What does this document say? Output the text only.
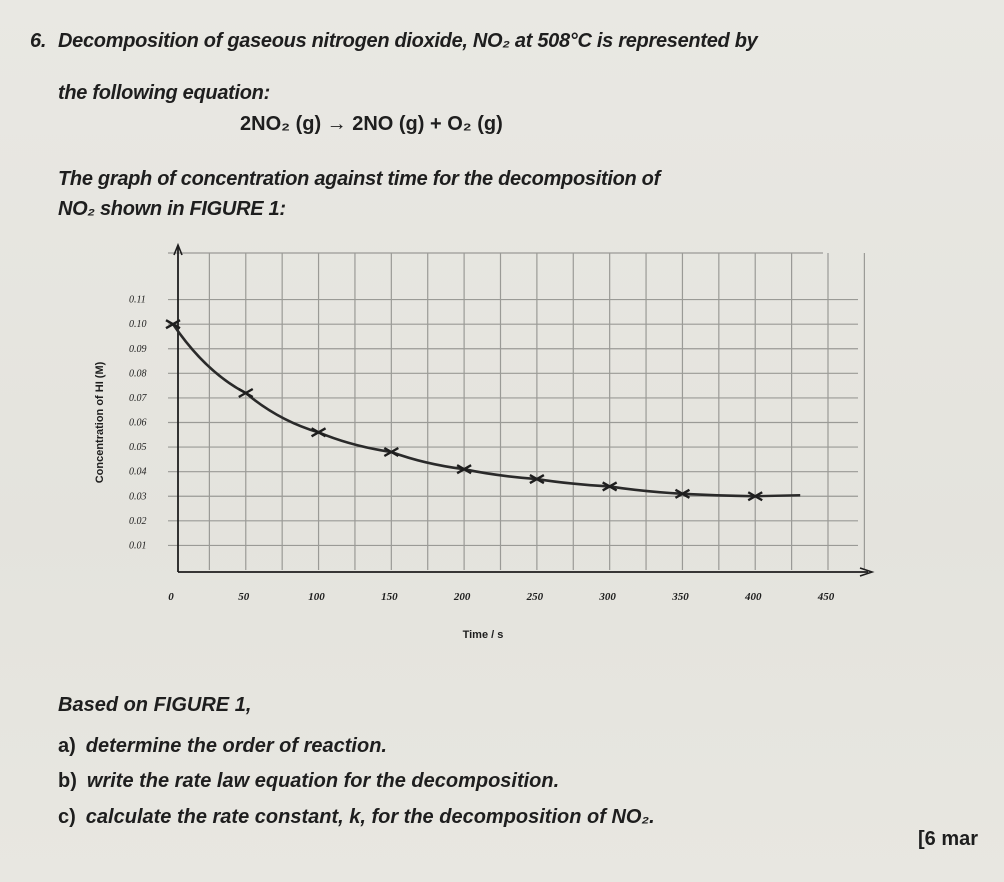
6. Decomposition of gaseous nitrogen dioxide, NO₂ at 508°C is represented by
the following equation:
2NO₂ (g) → 2NO (g) + O₂ (g)
The graph of concentration against time for the decomposition of
NO₂ shown in FIGURE 1:
0.01
0.02
0.03
0.04
0.05
0.06
0.07
0.08
0.09
0.10
0.11
0	50	100	150	200	250	300	350	400	450
Time / s
Concentration of HI (M)
Based on FIGURE 1,
a) determine the order of reaction.
b) write the rate law equation for the decomposition.
c) calculate the rate constant, k, for the decomposition of NO₂.
[6 mar
